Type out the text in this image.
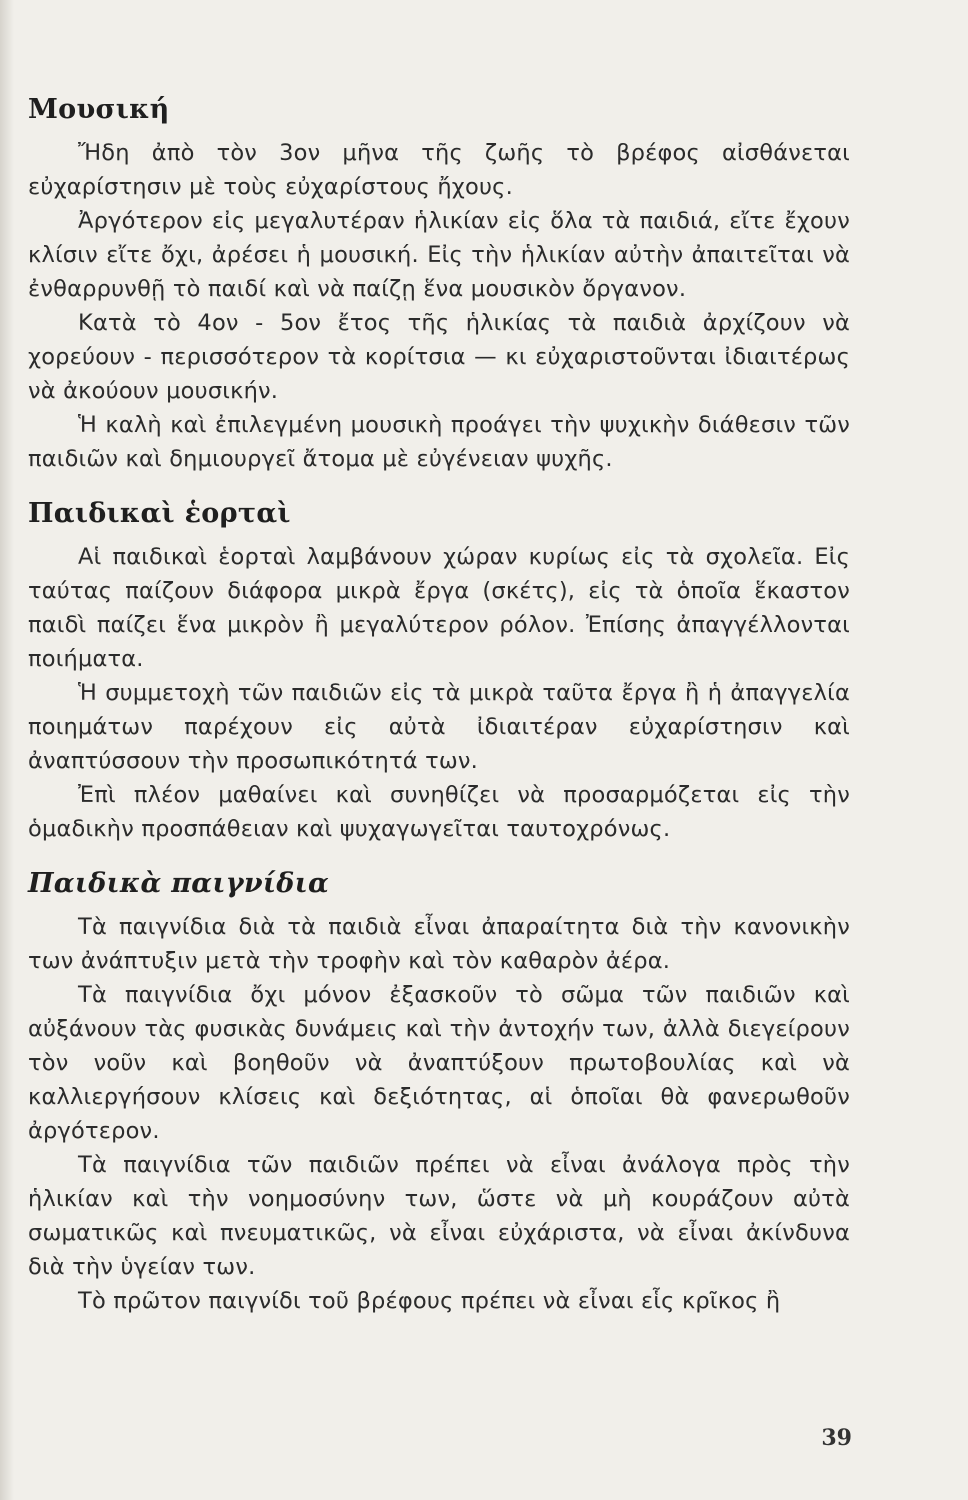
Μουσική

Ἤδη ἀπὸ τὸν 3ον μῆνα τῆς ζωῆς τὸ βρέφος αἰσθάνεται εὐχαρίστησιν μὲ τοὺς εὐχαρίστους ἤχους.

Ἀργότερον εἰς μεγαλυτέραν ἡλικίαν εἰς ὅλα τὰ παιδιά, εἴτε ἔχουν κλίσιν εἴτε ὄχι, ἀρέσει ἡ μουσική. Εἰς τὴν ἡλικίαν αὐτὴν ἀπαιτεῖται νὰ ἐνθαρρυνθῇ τὸ παιδί καὶ νὰ παίζῃ ἕνα μουσικὸν ὄργανον.

Κατὰ τὸ 4ον - 5ον ἔτος τῆς ἡλικίας τὰ παιδιὰ ἀρχίζουν νὰ χορεύουν - περισσότερον τὰ κορίτσια — κι εὐχαριστοῦνται ἰδιαιτέρως νὰ ἀκούουν μουσικήν.

Ἡ καλὴ καὶ ἐπιλεγμένη μουσικὴ προάγει τὴν ψυχικὴν διάθεσιν τῶν παιδιῶν καὶ δημιουργεῖ ἄτομα μὲ εὐγένειαν ψυχῆς.

Παιδικαὶ ἑορταὶ

Αἱ παιδικαὶ ἑορταὶ λαμβάνουν χώραν κυρίως εἰς τὰ σχολεῖα. Εἰς ταύτας παίζουν διάφορα μικρὰ ἔργα (σκέτς), εἰς τὰ ὁποῖα ἕκαστον παιδὶ παίζει ἕνα μικρὸν ἢ μεγαλύτερον ρόλον. Ἐπίσης ἀπαγγέλλονται ποιήματα.

Ἡ συμμετοχὴ τῶν παιδιῶν εἰς τὰ μικρὰ ταῦτα ἔργα ἢ ἡ ἀπαγγελία ποιημάτων παρέχουν εἰς αὐτὰ ἰδιαιτέραν εὐχαρίστησιν καὶ ἀναπτύσσουν τὴν προσωπικότητά των.

Ἐπὶ πλέον μαθαίνει καὶ συνηθίζει νὰ προσαρμόζεται εἰς τὴν ὁμαδικὴν προσπάθειαν καὶ ψυχαγωγεῖται ταυτοχρόνως.

Παιδικὰ παιγνίδια

Τὰ παιγνίδια διὰ τὰ παιδιὰ εἶναι ἀπαραίτητα διὰ τὴν κανονικὴν των ἀνάπτυξιν μετὰ τὴν τροφὴν καὶ τὸν καθαρὸν ἀέρα.

Τὰ παιγνίδια ὄχι μόνον ἐξασκοῦν τὸ σῶμα τῶν παιδιῶν καὶ αὐξάνουν τὰς φυσικὰς δυνάμεις καὶ τὴν ἀντοχήν των, ἀλλὰ διεγείρουν τὸν νοῦν καὶ βοηθοῦν νὰ ἀναπτύξουν πρωτοβουλίας καὶ νὰ καλλιεργήσουν κλίσεις καὶ δεξιότητας, αἱ ὁποῖαι θὰ φανερωθοῦν ἀργότερον.

Τὰ παιγνίδια τῶν παιδιῶν πρέπει νὰ εἶναι ἀνάλογα πρὸς τὴν ἡλικίαν καὶ τὴν νοημοσύνην των, ὥστε νὰ μὴ κουράζουν αὐτὰ σωματικῶς καὶ πνευματικῶς, νὰ εἶναι εὐχάριστα, νὰ εἶναι ἀκίνδυνα διὰ τὴν ὑγείαν των.

Τὸ πρῶτον παιγνίδι τοῦ βρέφους πρέπει νὰ εἶναι εἷς κρῖκος ἢ

39
